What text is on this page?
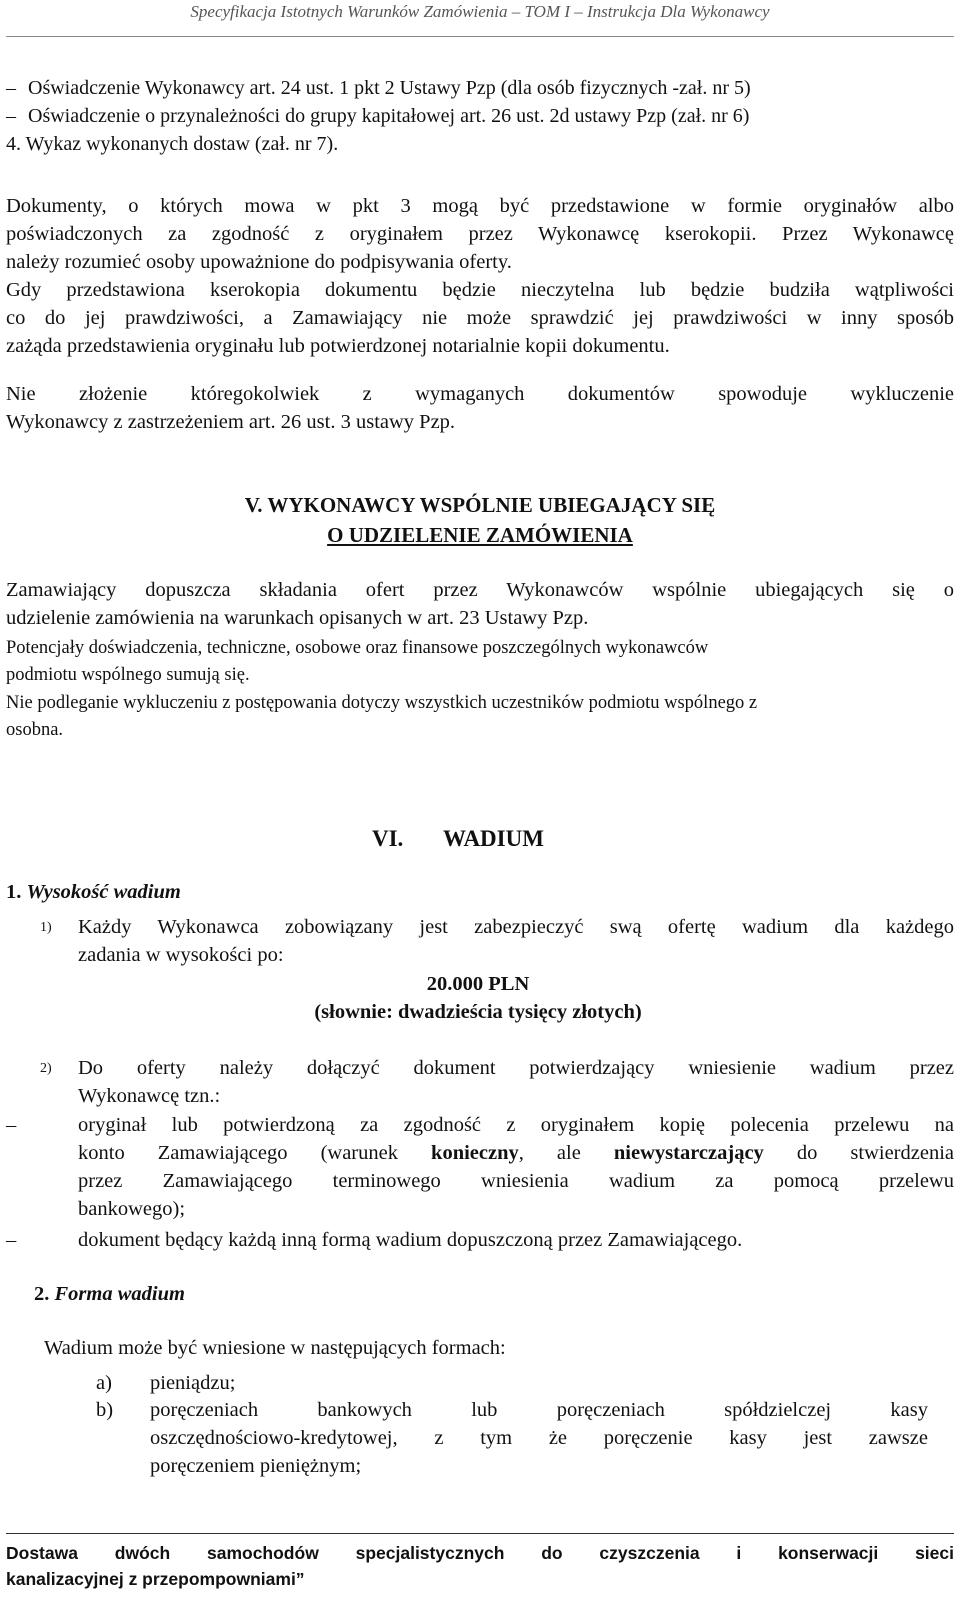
Specyfikacja Istotnych Warunków Zamówienia – TOM I – Instrukcja Dla Wykonawcy
– Oświadczenie Wykonawcy art. 24 ust. 1 pkt 2 Ustawy Pzp (dla osób fizycznych -zał. nr 5)
– Oświadczenie o przynależności do grupy kapitałowej art. 26 ust. 2d ustawy Pzp (zał. nr 6)
4. Wykaz wykonanych dostaw (zał. nr 7).
Dokumenty, o których mowa w pkt 3 mogą być przedstawione w formie oryginałów albo
poświadczonych za zgodność z oryginałem przez Wykonawcę kserokopii. Przez Wykonawcę
należy rozumieć osoby upoważnione do podpisywania oferty.
Gdy przedstawiona kserokopia dokumentu będzie nieczytelna lub będzie budziła wątpliwości
co do jej prawdziwości, a Zamawiający nie może sprawdzić jej prawdziwości w inny sposób
zażąda przedstawienia oryginału lub potwierdzonej notarialnie kopii dokumentu.
Nie złożenie któregokolwiek z wymaganych dokumentów spowoduje wykluczenie
Wykonawcy z zastrzeżeniem art. 26 ust. 3 ustawy Pzp.
V. WYKONAWCY WSPÓLNIE UBIEGAJĄCY SIĘ
O UDZIELENIE ZAMÓWIENIA
Zamawiający dopuszcza składania ofert przez Wykonawców wspólnie ubiegających się o
udzielenie zamówienia na warunkach opisanych w art. 23 Ustawy Pzp.
Potencjały doświadczenia, techniczne, osobowe oraz finansowe poszczególnych wykonawców
podmiotu wspólnego sumują się.
Nie podleganie wykluczeniu z postępowania dotyczy wszystkich uczestników podmiotu wspólnego z
osobna.
VI. WADIUM
1. Wysokość wadium
1) Każdy Wykonawca zobowiązany jest zabezpieczyć swą ofertę wadium dla każdego
zadania w wysokości po:
20.000 PLN
(słownie: dwadzieścia tysięcy złotych)
2) Do oferty należy dołączyć dokument potwierdzający wniesienie wadium przez
Wykonawcę tzn.:
–	oryginał lub potwierdzoną za zgodność z oryginałem kopię polecenia przelewu na
konto Zamawiającego (warunek konieczny, ale niewystarczający do stwierdzenia
przez Zamawiającego terminowego wniesienia wadium za pomocą przelewu
bankowego);
–	dokument będący każdą inną formą wadium dopuszczoną przez Zamawiającego.
2. Forma wadium
Wadium może być wniesione w następujących formach:
a) pieniądzu;
b) poręczeniach bankowych lub poręczeniach spółdzielczej kasy
oszczędnościowo-kredytowej, z tym że poręczenie kasy jest zawsze
poręczeniem pieniężnym;
Dostawa dwóch samochodów specjalistycznych do czyszczenia i konserwacji sieci
kanalizacyjnej z przepompowniami”
